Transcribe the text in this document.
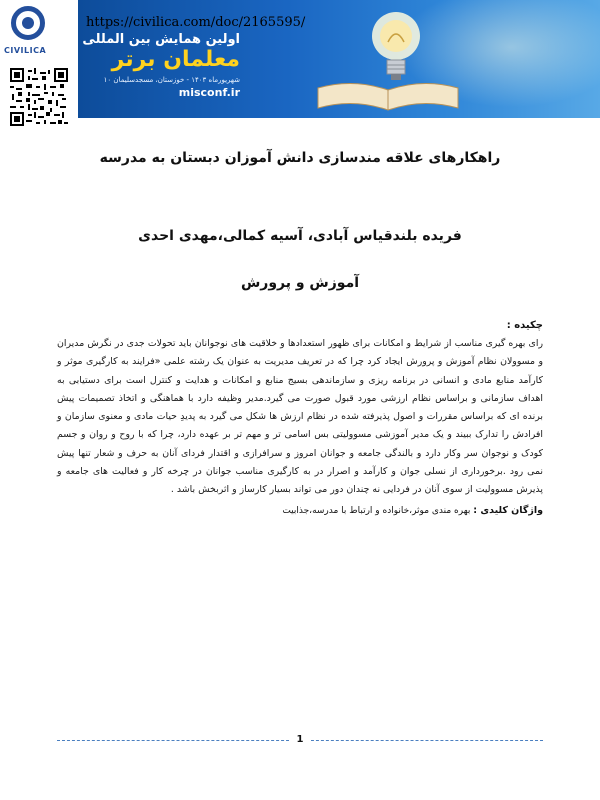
CIVILICA
اولین همایش بین المللی
معلمان برتر
۱۰ شهریورماه ۱۴۰۳ - خوزستان، مسجدسلیمان
misconf.ir
https://civilica.com/doc/2165595/
راهکارهای علاقه مندسازی دانش آموزان دبستان به مدرسه
فریده بلندقیاس آبادی، آسیه کمالی،مهدی احدی
آموزش و پرورش
چکیده :
رای بهره گیری مناسب از شرایط و امکانات برای ظهور استعدادها و خلاقیت های نوجوانان باید تحولات جدی در نگرش مدیران و مسوولان نظام آموزش و پرورش ایجاد کرد چرا که در تعریف مدیریت به عنوان یک رشته علمی «فرایند به کارگیری موثر و کارآمد منابع مادی و انسانی در برنامه ریزی و سازماندهی بسیج منابع و امکانات و هدایت و کنترل است برای دستیابی به اهداف سازمانی و براساس نظام ارزشی مورد قبول صورت می گیرد.مدیر وظیفه دارد با هماهنگی و اتخاذ تصمیمات پیش برنده ای که براساس مقررات و اصول پذیرفته شده در نظام ارزش ها شکل می گیرد به پدیدِ حیات مادی و معنوی سازمان و افرادش را تدارک ببیند و یک مدیر آموزشی مسوولیتی بس اسامی تر و مهم تر بر عهده دارد، چرا که با روح و روان و جسم کودک و نوجوان سر وکار دارد و بالندگی جامعه و جوانان امروز و سرافرازی و اقتدار فردای آنان به حرف و شعار تنها پیش نمی رود .برخورداری از نسلی جوان و کارآمد و اصرار در به کارگیری مناسب جوانان در چرخه کار و فعالیت های جامعه و پذیرش مسوولیت از سوی آنان در فردایی نه چندان دور می تواند بسیار کارساز و اثربخش باشد .
واژگان کلیدی : بهره مندی موثر،خانواده و ارتباط با مدرسه،جذابیت
1
